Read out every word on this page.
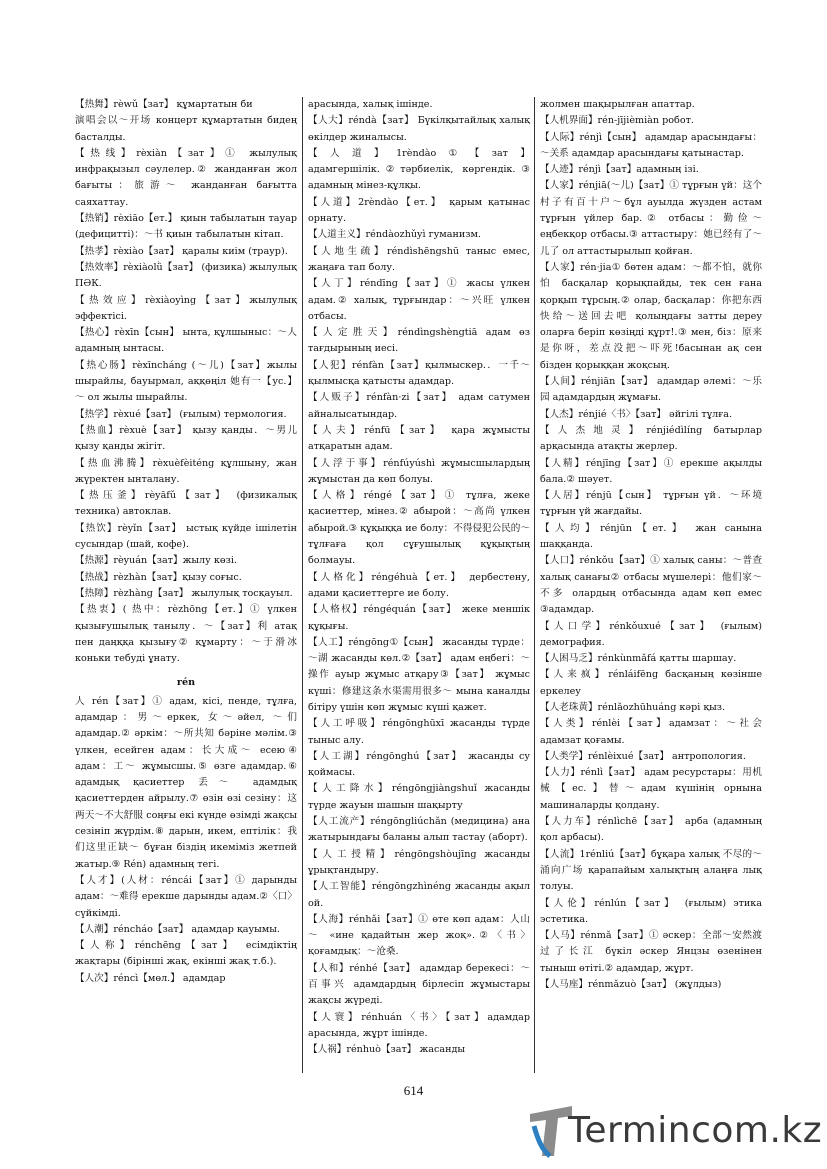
【热舞】rèwǔ【зат】 құмартатын би

演唱会以～开场 концерт құмартатын бидең басталды.

【热线】rèxiàn【зат】① жылулық инфрақызыл сәулелер.② жанданған жол бағыты：旅游～ жанданған бағытта саяхаттау.

【热销】rèxiāo【ет.】 қиын табылатын тауар (дефицитті)：～书 қиын табылатын кітап.

【热孝】rèxiào【зат】 қаралы киім (траур).

【热效率】rèxiàolǜ【зат】 (физика) жылулық ПӘК.

【热效应】rèxiàoyìng【зат】жылулық эффектісі.

【热心】rèxīn【сын】 ынта, құлшыныс：～人 адамның ынтасы.

【热心肠】rèxīncháng (～儿)【зат】жылы шырайлы, бауырмал, аққөңіл 她有一【ус.】～ ол жылы шырайлы.

【热学】rèxué【зат】 (ғылым) термология.

【热血】rèxuè【зат】 қызу қанды．～男儿 қызу қанды жігіт.

【热血沸腾】rèxuèfèiténg құлшыну, жан жүректен ынталану.

【热压釜】rèyāfǔ【зат】 (физикалық техника) автоклав.

【热饮】rèyǐn【зат】 ыстық күйде ішілетін сусындар (шай, кофе).

【热源】rèyuán【зат】жылу көзі.

【热战】rèzhàn【зат】қызу соғыс.

【热障】rèzhàng【зат】 жылулық тосқауыл.

【热衷】( 热中：rèzhōng【ет.】① үлкен қызығушылық танылу．～【зат】利 атақ пен даңққа қызығу② құмарту：～于滑冰 коньки тебуді ұнату.

rén

人 rén【зат】① адам, кісі, пенде, тұлға, адамдар：男～еркек, 女～әйел, ～们 адамдар.② әркім：～所共知 бәріне мәлім.③ үлкен, есейген адам：长大成～ есею④ адам：工～ жұмысшы.⑤ өзге адамдар.⑥ адамдық қасиеттер 丢～ адамдық қасиеттерден айрылу.⑦ өзін өзі сезіну：这两天～不大舒服 соңғы екі күнде өзімді жақсы сезініп жүрдім.⑧ дарын, икем, ептілік：我们这里正缺～ бұған біздің икеміміз жетпей жатыр.⑨ Rén) адамның тегі.

【人才】(人材：réncái【зат】① дарынды адам：～难得 ерекше дарынды адам.②〈口〉сүйкімді.

【人潮】réncháo【зат】 адамдар қауымы.

【人称】rénchēng【зат】 есімдіктің жақтары (бірінші жақ, екінші жақ т.б.).

【人次】réncì【мөл.】 адамдар

арасында, халық ішінде.

【人大】réndà【зат】 Бүкілқытайлық халық өкілдер жиналысы.

【人道】1rèndào①【зат】 адамгершілік.②тәрбиелік, көргендік.③ адамның мінез-құлқы.

【人道】2rèndào【ет.】 қарым қатынас орнату.

【人道主义】réndàozhǔyì гуманизм.

【人地生疏】réndìshēngshū таныс емес, жаңаға тап болу.

【人丁】réndīng【зат】① жасы үлкен адам.② халық, тұрғындар：～兴旺 үлкен отбасы.

【人定胜天】réndìngshèngtiā адам өз тағдырының иесі.

【人犯】rénfàn【зат】қылмыскер.．一千～қылмысқа қатысты адамдар.

【人贩子】rénfàn·zi【зат】 адам сатумен айналысатындар.

【人夫】rénfū【зат】 қара жұмысты атқаратын адам.

【人浮于事】rénfúyúshì жұмысшылардың жұмыстан да көп болуы.

【人格】réngé【зат】① тұлға, жеке қасиеттер, мінез.② абырой：～高尚 үлкен абырой.③ құқыққа ие болу：不得侵犯公民的～ тұлғаға қол сұғушылық құқықтың болмауы.

【人格化】réngéhuà【ет.】 дербестену, адами қасиеттерге ие болу.

【人格权】réngéquán【зат】 жеке меншік құқығы.

【人工】réngōng①【сын】 жасанды түрде：～湖 жасанды көл.②【зат】 адам еңбегі：～操作 ауыр жұмыс атқару③【зат】 жұмыс күші：修建这条水渠需用很多～ мына каналды бітіру үшін көп жұмыс күші қажет.

【人工呼吸】réngōnghūxī жасанды түрде тыныс алу.

【人工湖】réngōnghú【зат】 жасанды су қоймасы.

【人工降水】réngōngjiàngshuǐ жасанды түрде жауын шашын шақырту

【人工流产】réngōngliúchǎn (медицина) ана жатырындағы баланы алып тастау (аборт).

【人工授精】réngōngshòujīng жасанды ұрықтандыру.

【人工智能】réngōngzhìnéng жасанды ақыл ой.

【人海】rénhǎi【зат】① өте көп адам：人山～ «ине қадайтын жер жоқ».②〈书〉қоғамдық：～沧桑.

【人和】rénhé【зат】 адамдар берекесі：～百事兴 адамдардың бірлесіп жұмыстары жақсы жүреді.

【人寰】rénhuán〈书〉【зат】адамдар арасында, жұрт ішінде.

【人祸】rénhuò【зат】 жасанды

жолмен шақырылған апаттар.

【人机界面】rén-jījièmiàn робот.

【人际】rénjì【сын】 адамдар арасындағы：～关系 адамдар арасындағы қатынастар.

【人迹】rénjì【зат】адамның ізі.

【人家】rénjiā(～儿)【зат】① тұрғын үй：这个村子有百十户～бұл ауылда жүзден астам тұрғын үйлер бар.② отбасы：勤俭～ еңбекқор отбасы.③ аттастыру：她已经有了～儿了 ол аттастырылып қойған.

【人家】rén·jia① бөтен адам：～都不怕，就你怕 басқалар қорықпайды, тек сен ғана қорқып тұрсың.② олар, басқалар：你把东西快给～送回去吧 қолыңдағы затты дереу оларға беріп көзіңді құрт!.③ мен, біз：原来是你呀，差点没把～吓死!басынан ақ сен бізден қорыққан жоқсың.

【人间】rénjiān【зат】 адамдар әлемі：～乐园 адамдардың жұмағы.

【人杰】rénjié〈书〉【зат】 әйгілі тұлға.

【人杰地灵】rénjiédìlíng батырлар арқасында атақты жерлер.

【人精】rénjīng【зат】① ерекше ақылды бала.② шәует.

【人居】rénjū【сын】 тұрғын үй．～环境 тұрғын үй жағдайы.

【人均】rénjūn【ет.】 жан санына шаққанда.

【人口】rénkǒu【зат】① халық саны：～普查 халық санағы② отбасы мүшелері：他们家～不多 олардың отбасында адам көп емес ③адамдар.

【人口学】rénkǒuxué【зат】 (ғылым) демография.

【人困马乏】rénkùnmǎfá қатты шаршау.

【人来疯】rénláifēng басқаның көзінше еркелеу

【人老珠黄】rénlǎozhūhuáng кәрі қыз.

【人类】rénlèi【зат】адамзат：～社会 адамзат қоғамы.

【人类学】rénlèixué【зат】 антропология.

【人力】rénlì【зат】 адам ресурстары：用机械【ес.】替～адам күшінің орнына машиналарды қолдану.

【人力车】rénlìchē【зат】 арба (адамның қол арбасы).

【人流】1rénliú【зат】бұқара халық 不尽的～涌向广场 қарапайым халықтың алаңға лық толуы.

【人伦】rénlún【зат】 (ғылым) этика эстетика.

【人马】rénmǎ【зат】① әскер：全部～安然渡过了长江 бүкіл әскер Янцзы өзенінен тыныш өтіті.② адамдар, жұрт.

【人马座】rénmǎzuò【зат】 (жұлдыз)

614
Termincom.kz
